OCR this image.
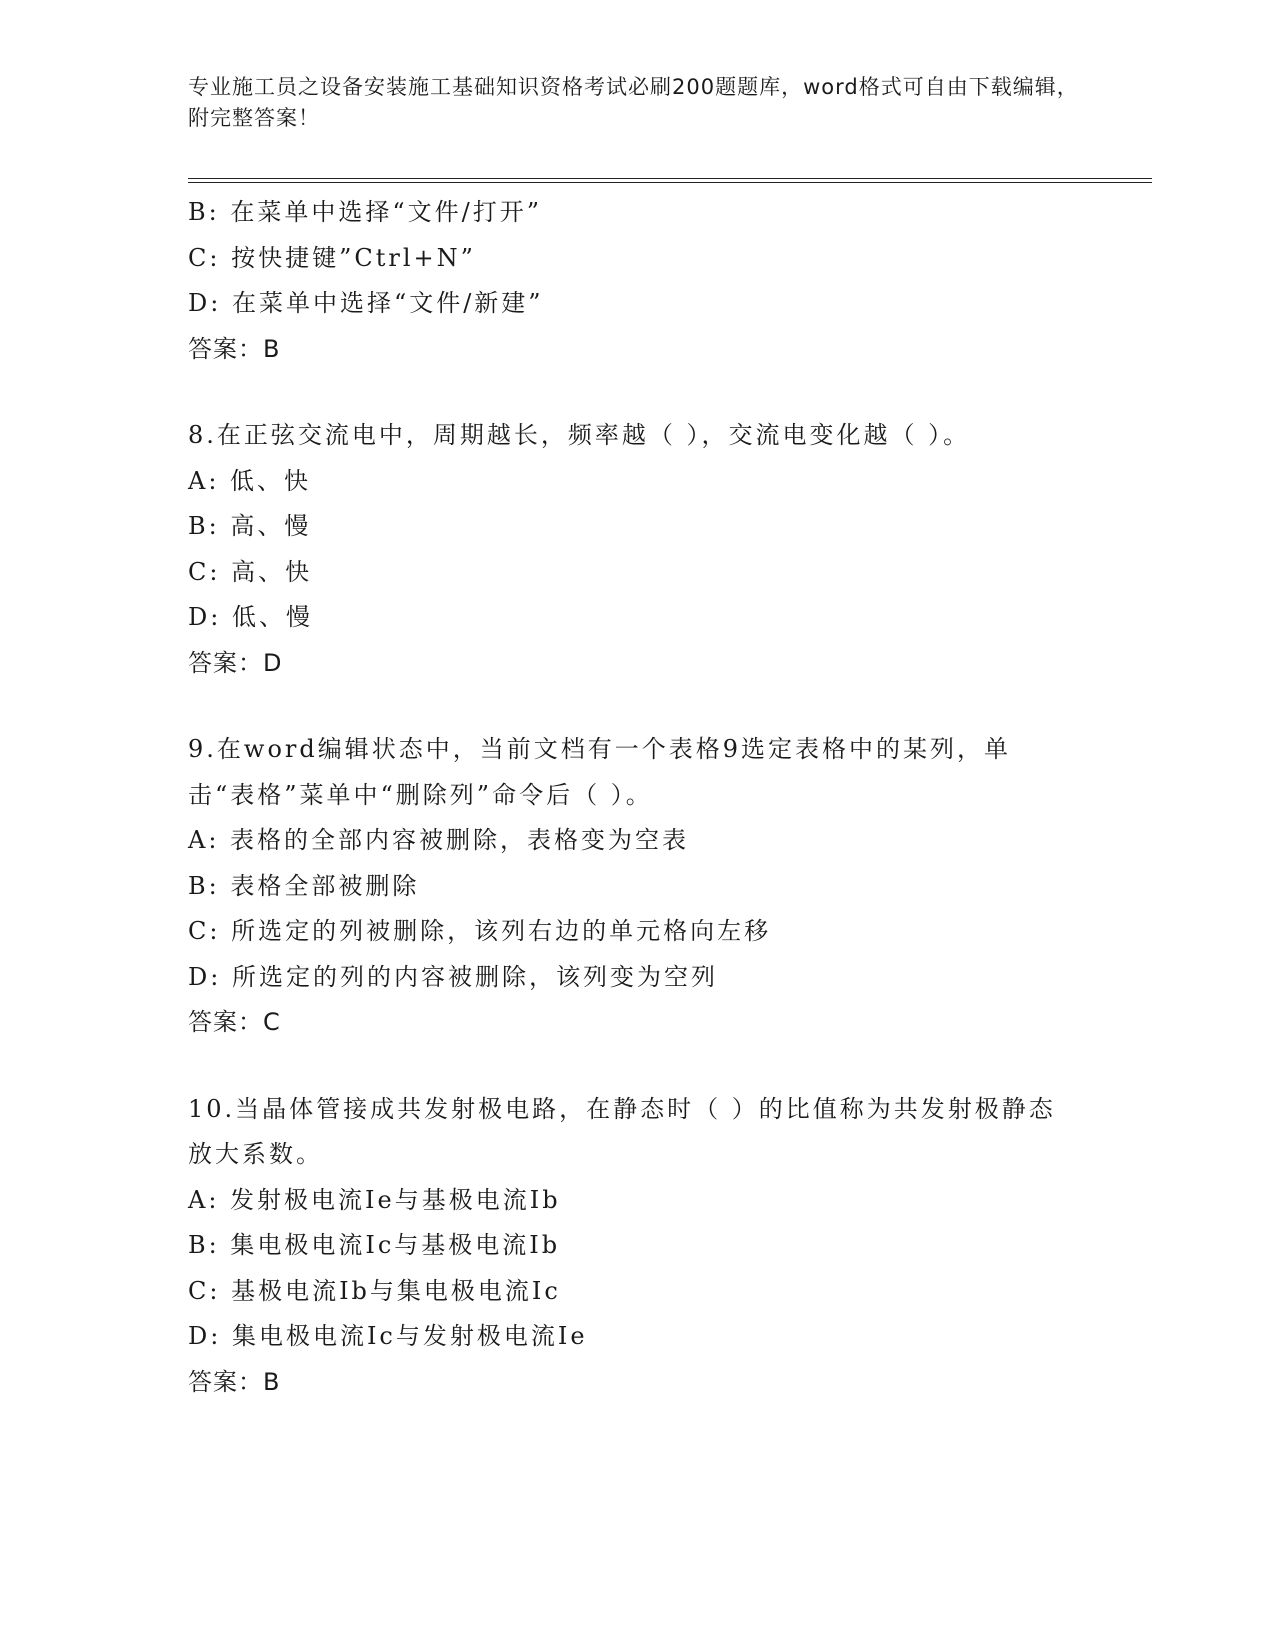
专业施工员之设备安装施工基础知识资格考试必刷200题题库，word格式可自由下载编辑，附完整答案！
B: 在菜单中选择“文件/打开”
C: 按快捷键”Ctrl+N”
D: 在菜单中选择“文件/新建”
答案：B
8.在正弦交流电中，周期越长，频率越（ ），交流电变化越（ ）。
A: 低、快
B: 高、慢
C: 高、快
D: 低、慢
答案：D
9.在word编辑状态中，当前文档有一个表格9选定表格中的某列，单击“表格”菜单中“删除列”命令后（ ）。
A: 表格的全部内容被删除，表格变为空表
B: 表格全部被删除
C: 所选定的列被删除，该列右边的单元格向左移
D: 所选定的列的内容被删除，该列变为空列
答案：C
10.当晶体管接成共发射极电路，在静态时（ ）的比值称为共发射极静态放大系数。
A: 发射极电流Ie与基极电流Ib
B: 集电极电流Ic与基极电流Ib
C: 基极电流Ib与集电极电流Ic
D: 集电极电流Ic与发射极电流Ie
答案：B
